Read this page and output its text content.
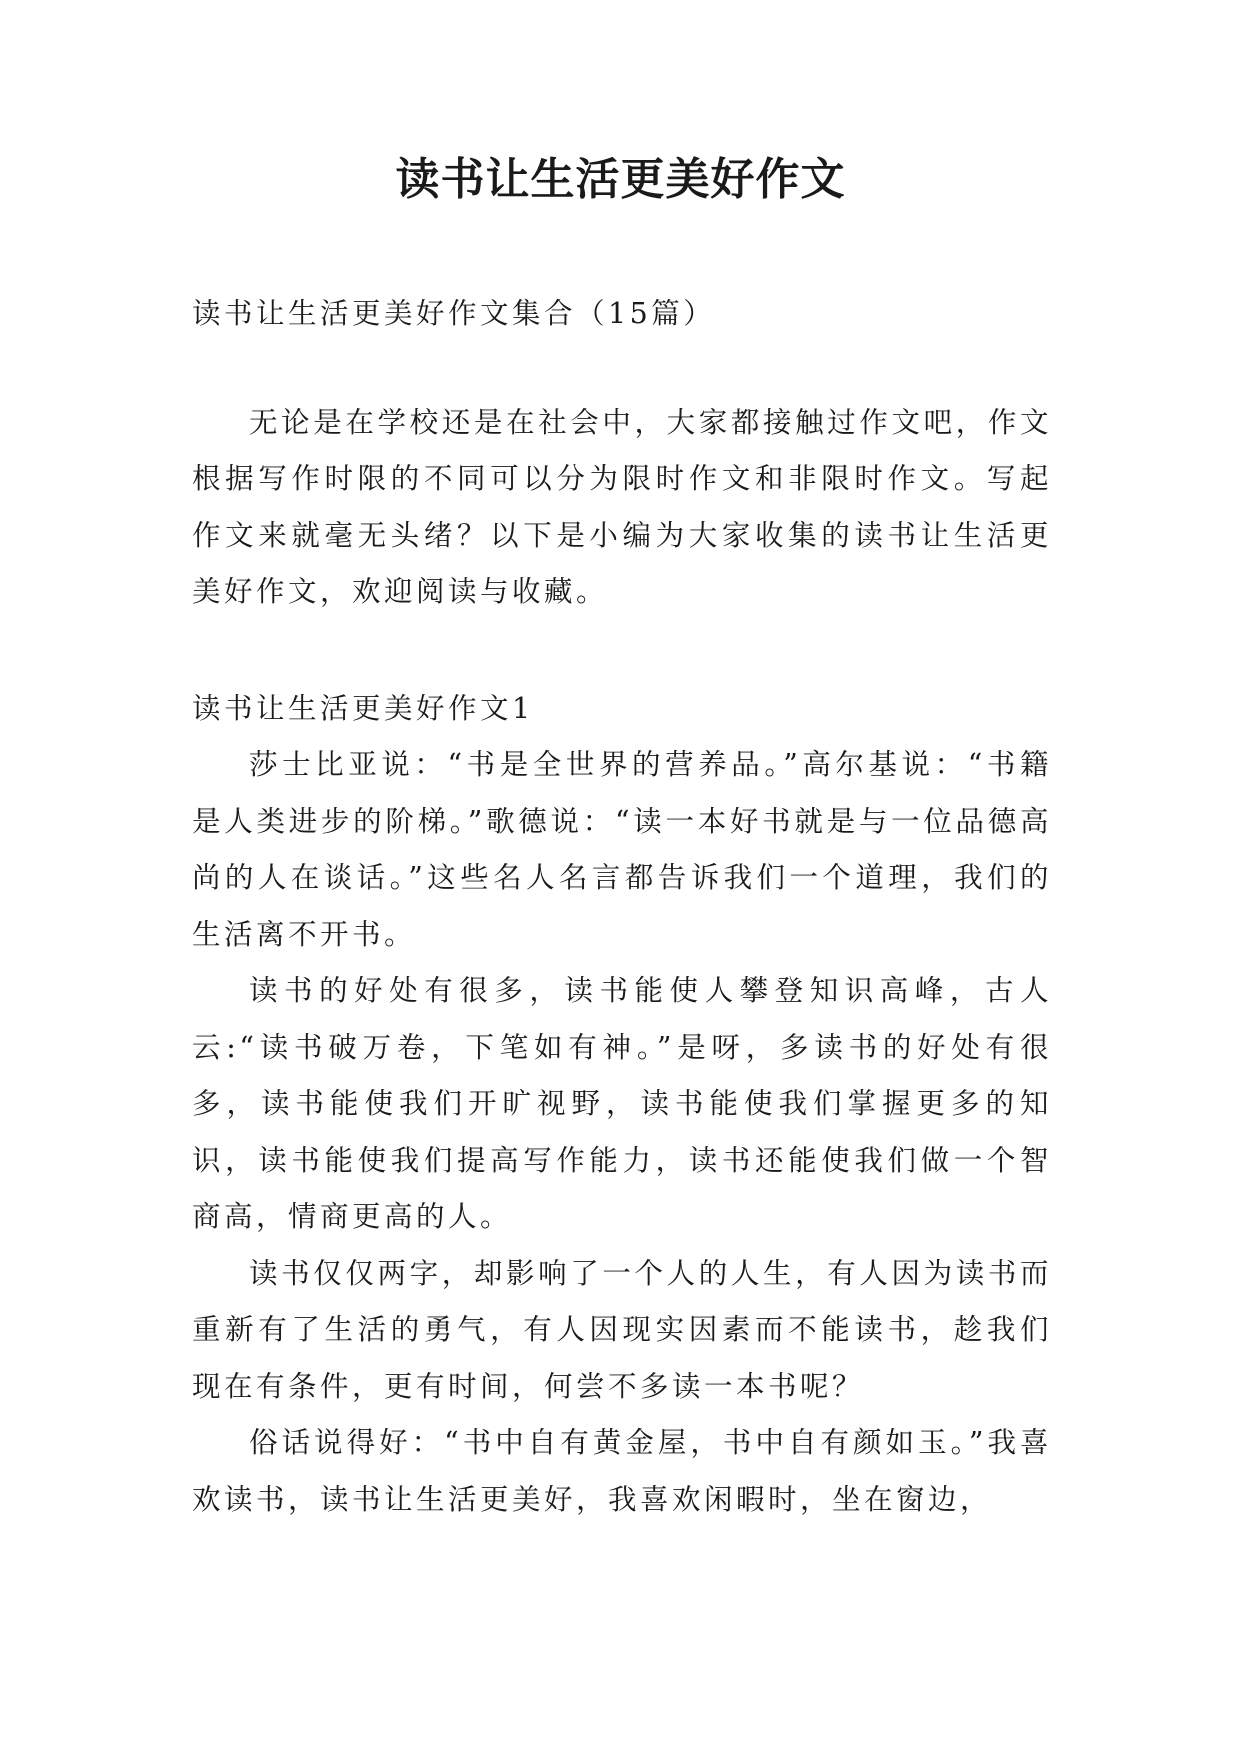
读书让生活更美好作文

读书让生活更美好作文集合（15篇）

无论是在学校还是在社会中，大家都接触过作文吧，作文根据写作时限的不同可以分为限时作文和非限时作文。写起作文来就毫无头绪？以下是小编为大家收集的读书让生活更美好作文，欢迎阅读与收藏。

读书让生活更美好作文1

莎士比亚说：“书是全世界的营养品。”高尔基说：“书籍是人类进步的阶梯。”歌德说：“读一本好书就是与一位品德高尚的人在谈话。”这些名人名言都告诉我们一个道理，我们的生活离不开书。

读书的好处有很多，读书能使人攀登知识高峰，古人云:“读书破万卷，下笔如有神。”是呀，多读书的好处有很多，读书能使我们开旷视野，读书能使我们掌握更多的知识，读书能使我们提高写作能力，读书还能使我们做一个智商高，情商更高的人。

读书仅仅两字，却影响了一个人的人生，有人因为读书而重新有了生活的勇气，有人因现实因素而不能读书，趁我们现在有条件，更有时间，何尝不多读一本书呢？

俗话说得好：“书中自有黄金屋，书中自有颜如玉。”我喜欢读书，读书让生活更美好，我喜欢闲暇时，坐在窗边，
